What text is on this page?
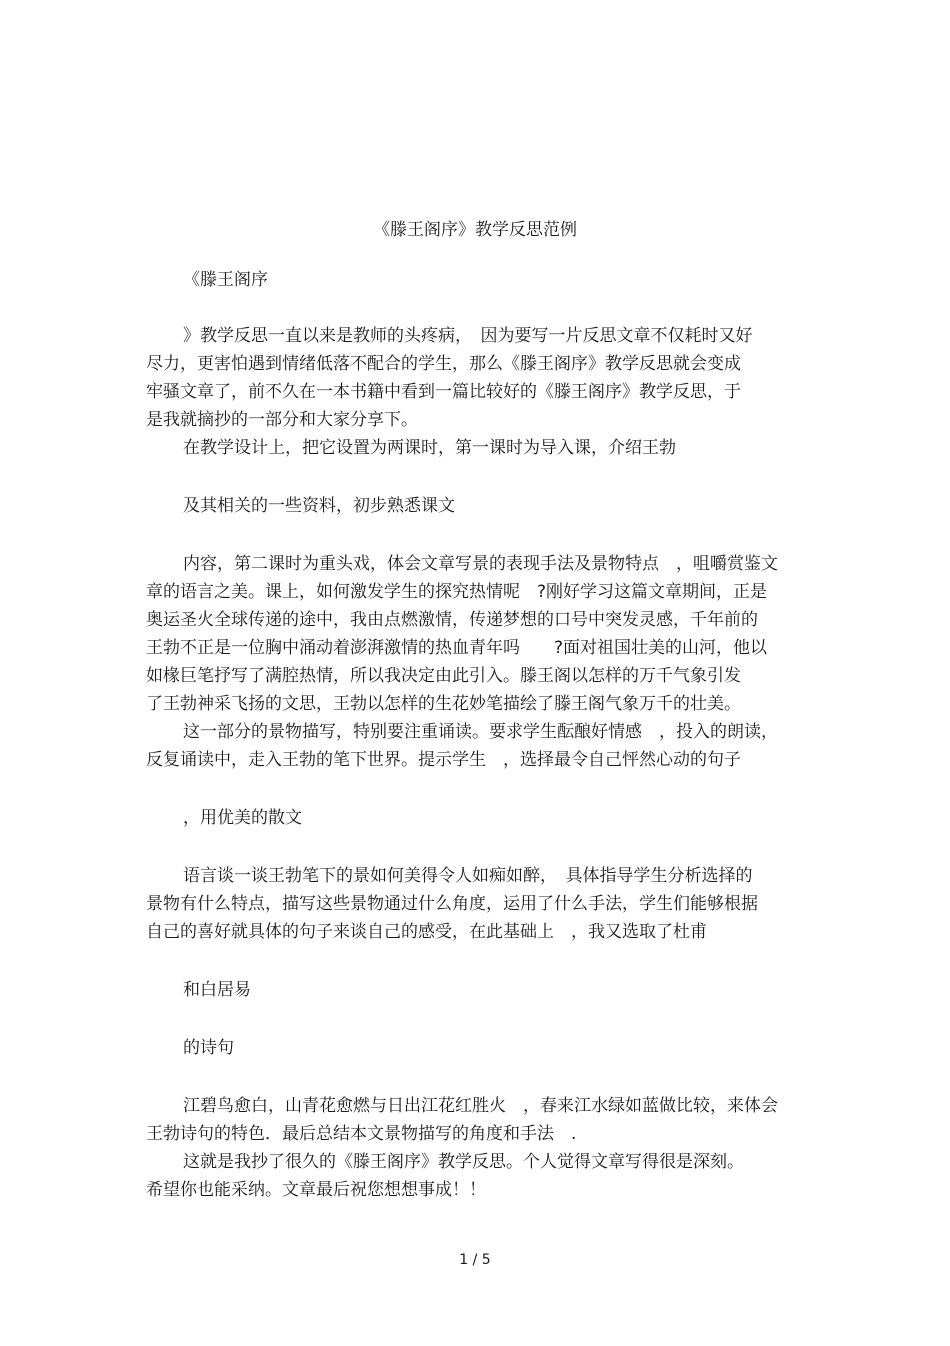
《滕王阁序》教学反思范例
《滕王阁序
》教学反思一直以来是教师的头疼病，　因为要写一片反思文章不仅耗时又好
尽力，更害怕遇到情绪低落不配合的学生，那么《滕王阁序》教学反思就会变成
牢骚文章了，前不久在一本书籍中看到一篇比较好的《滕王阁序》教学反思，于
是我就摘抄的一部分和大家分享下。
在教学设计上，把它设置为两课时，第一课时为导入课，介绍王勃
及其相关的一些资料，初步熟悉课文
内容，第二课时为重头戏，体会文章写景的表现手法及景物特点　，咀嚼赏鉴文
章的语言之美。课上，如何激发学生的探究热情呢　?刚好学习这篇文章期间，正是
奥运圣火全球传递的途中，我由点燃激情，传递梦想的口号中突发灵感，千年前的
王勃不正是一位胸中涌动着澎湃激情的热血青年吗　　?面对祖国壮美的山河，他以
如椽巨笔抒写了满腔热情，所以我决定由此引入。滕王阁以怎样的万千气象引发
了王勃神采飞扬的文思，王勃以怎样的生花妙笔描绘了滕王阁气象万千的壮美。
这一部分的景物描写，特别要注重诵读。要求学生酝酿好情感　，投入的朗读，
反复诵读中，走入王勃的笔下世界。提示学生　，选择最令自己怦然心动的句子
，用优美的散文
语言谈一谈王勃笔下的景如何美得令人如痴如醉，　具体指导学生分析选择的
景物有什么特点，描写这些景物通过什么角度，运用了什么手法，学生们能够根据
自己的喜好就具体的句子来谈自己的感受，在此基础上　，我又选取了杜甫
和白居易
的诗句
江碧鸟愈白，山青花愈燃与日出江花红胜火　，春来江水绿如蓝做比较，来体会
王勃诗句的特色．最后总结本文景物描写的角度和手法　.
这就是我抄了很久的《滕王阁序》教学反思。个人觉得文章写得很是深刻。
希望你也能采纳。文章最后祝您想想事成！！
1 / 5
